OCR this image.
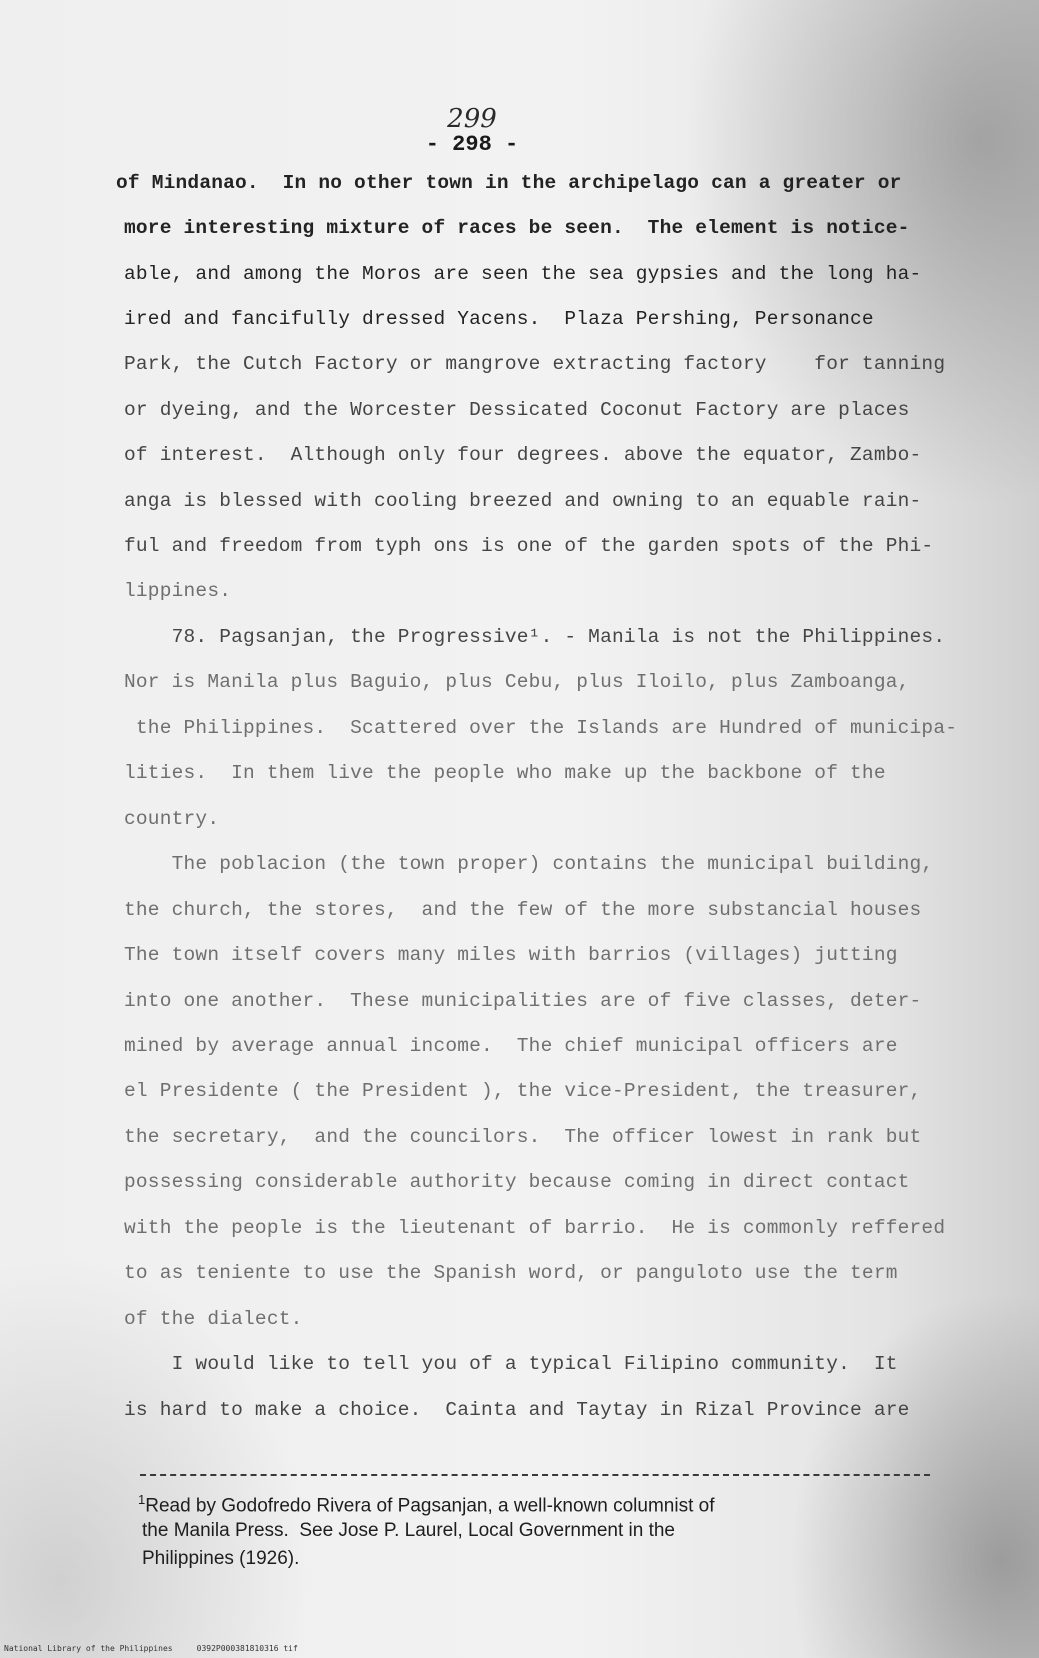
299
- 298 -
of Mindanao.  In no other town in the archipelago can a greater or
more interesting mixture of races be seen.  The element is notice-
able, and among the Moros are seen the sea gypsies and the long ha-
ired and fancifully dressed Yacens.  Plaza Pershing, Personance
Park, the Cutch Factory or mangrove extracting factory    for tanning
or dyeing, and the Worcester Dessicated Coconut Factory are places
of interest.  Although only four degrees. above the equator, Zambo-
anga is blessed with cooling breezed and owning to an equable rain-
ful and freedom from typh ons is one of the garden spots of the Phi-
lippines.
78. Pagsanjan, the Progressive¹. - Manila is not the Philippines.
Nor is Manila plus Baguio, plus Cebu, plus Iloilo, plus Zamboanga,
the Philippines.  Scattered over the Islands are Hundred of municipa-
lities.  In them live the people who make up the backbone of the
country.
The poblacion (the town proper) contains the municipal building,
the church, the stores,  and the few of the more substancial houses
The town itself covers many miles with barrios (villages) jutting
into one another.  These municipalities are of five classes, deter-
mined by average annual income.  The chief municipal officers are
el Presidente ( the President ), the vice-President, the treasurer,
the secretary,  and the councilors.  The officer lowest in rank but
possessing considerable authority because coming in direct contact
with the people is the lieutenant of barrio.  He is commonly reffered
to as teniente to use the Spanish word, or panguloto use the term
of the dialect.
I would like to tell you of a typical Filipino community.  It
is hard to make a choice.  Cainta and Taytay in Rizal Province are
$^1$Read by Godofredo Rivera of Pagsanjan, a well-known columnist of
the Manila Press.  See Jose P. Laurel, Local Government in the
Philippines (1926).
National Library of the Philippines     0392P000381810316 tif
